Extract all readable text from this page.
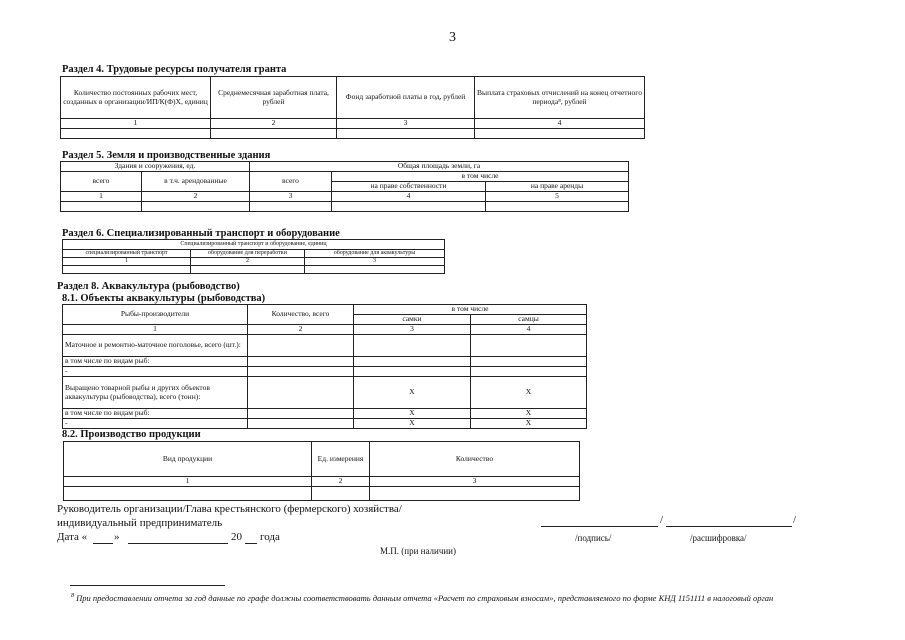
3
Раздел 4. Трудовые ресурсы получателя гранта
Количество постоянных рабочих мест, созданных в организации/ИП/К(Ф)Х, единиц	Среднемесячная заработная плата, рублей	Фонд заработной платы в год, рублей	Выплата страховых отчислений на конец отчетного периода⁸, рублей
1	2	3	4

Раздел 5. Земля и производственные здания
Здания и сооружения, ед.		Общая площадь земли, га		
всего	в т.ч. арендованные	всего	в том числе	
			на праве собственности	на праве аренды
1	2	3	4	5

Раздел 6. Специализированный транспорт и оборудование
Специализированный транспорт и оборудование, единиц		
специализированный транспорт	оборудование для переработки	оборудование для аквакультуры
1	2	3

Раздел 8. Аквакультура (рыбоводство)
8.1. Объекты аквакультуры (рыбоводства)
Рыбы-производители	Количество, всего	в том числе	
		самки	самцы
1	2	3	4
Маточное и ремонтно-маточное поголовье, всего (шт.):			
в том числе по видам рыб:			
-			
Выращено товарной рыбы и других объектов аквакультуры (рыбоводства), всего (тонн):		X	X
в том числе по видам рыб:		X	X
-		X	X
8.2. Производство продукции
Вид продукции	Ед. измерения	Количество
1	2	3

Руководитель организации/Глава крестьянского (фермерского) хозяйства/
индивидуальный предприниматель
Дата « »	20 года
/	/
/подпись/	/расшифровка/
М.П. (при наличии)
$^8$ При предоставлении отчета за год данные по графе должны соответствовать данным отчета «Расчет по страховым взносам», представляемого по форме КНД 1151111 в налоговый орган
